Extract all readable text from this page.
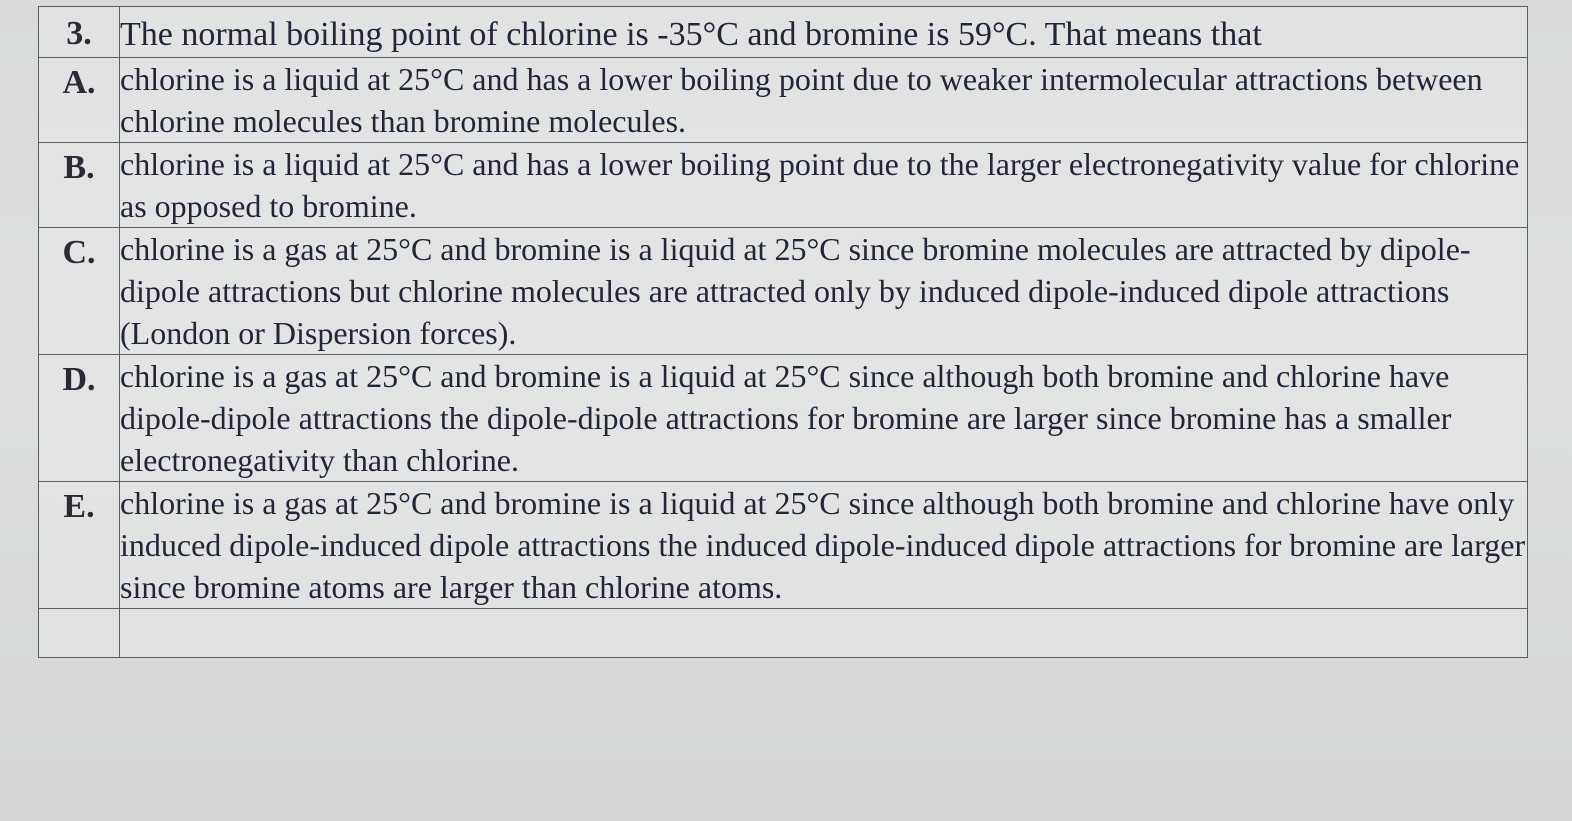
3.	The normal boiling point of chlorine is -35°C and bromine is 59°C. That means that
A.	chlorine is a liquid at 25°C and has a lower boiling point due to weaker intermolecular attractions between chlorine molecules than bromine molecules.
B.	chlorine is a liquid at 25°C and has a lower boiling point due to the larger electronegativity value for chlorine as opposed to bromine.
C.	chlorine is a gas at 25°C and bromine is a liquid at 25°C since bromine molecules are attracted by dipole-dipole attractions but chlorine molecules are attracted only by induced dipole-induced dipole attractions (London or Dispersion forces).
D.	chlorine is a gas at 25°C and bromine is a liquid at 25°C since although both bromine and chlorine have dipole-dipole attractions the dipole-dipole attractions for bromine are larger since bromine has a smaller electronegativity than chlorine.
E.	chlorine is a gas at 25°C and bromine is a liquid at 25°C since although both bromine and chlorine have only induced dipole-induced dipole attractions the induced dipole-induced dipole attractions for bromine are larger since bromine atoms are larger than chlorine atoms.
